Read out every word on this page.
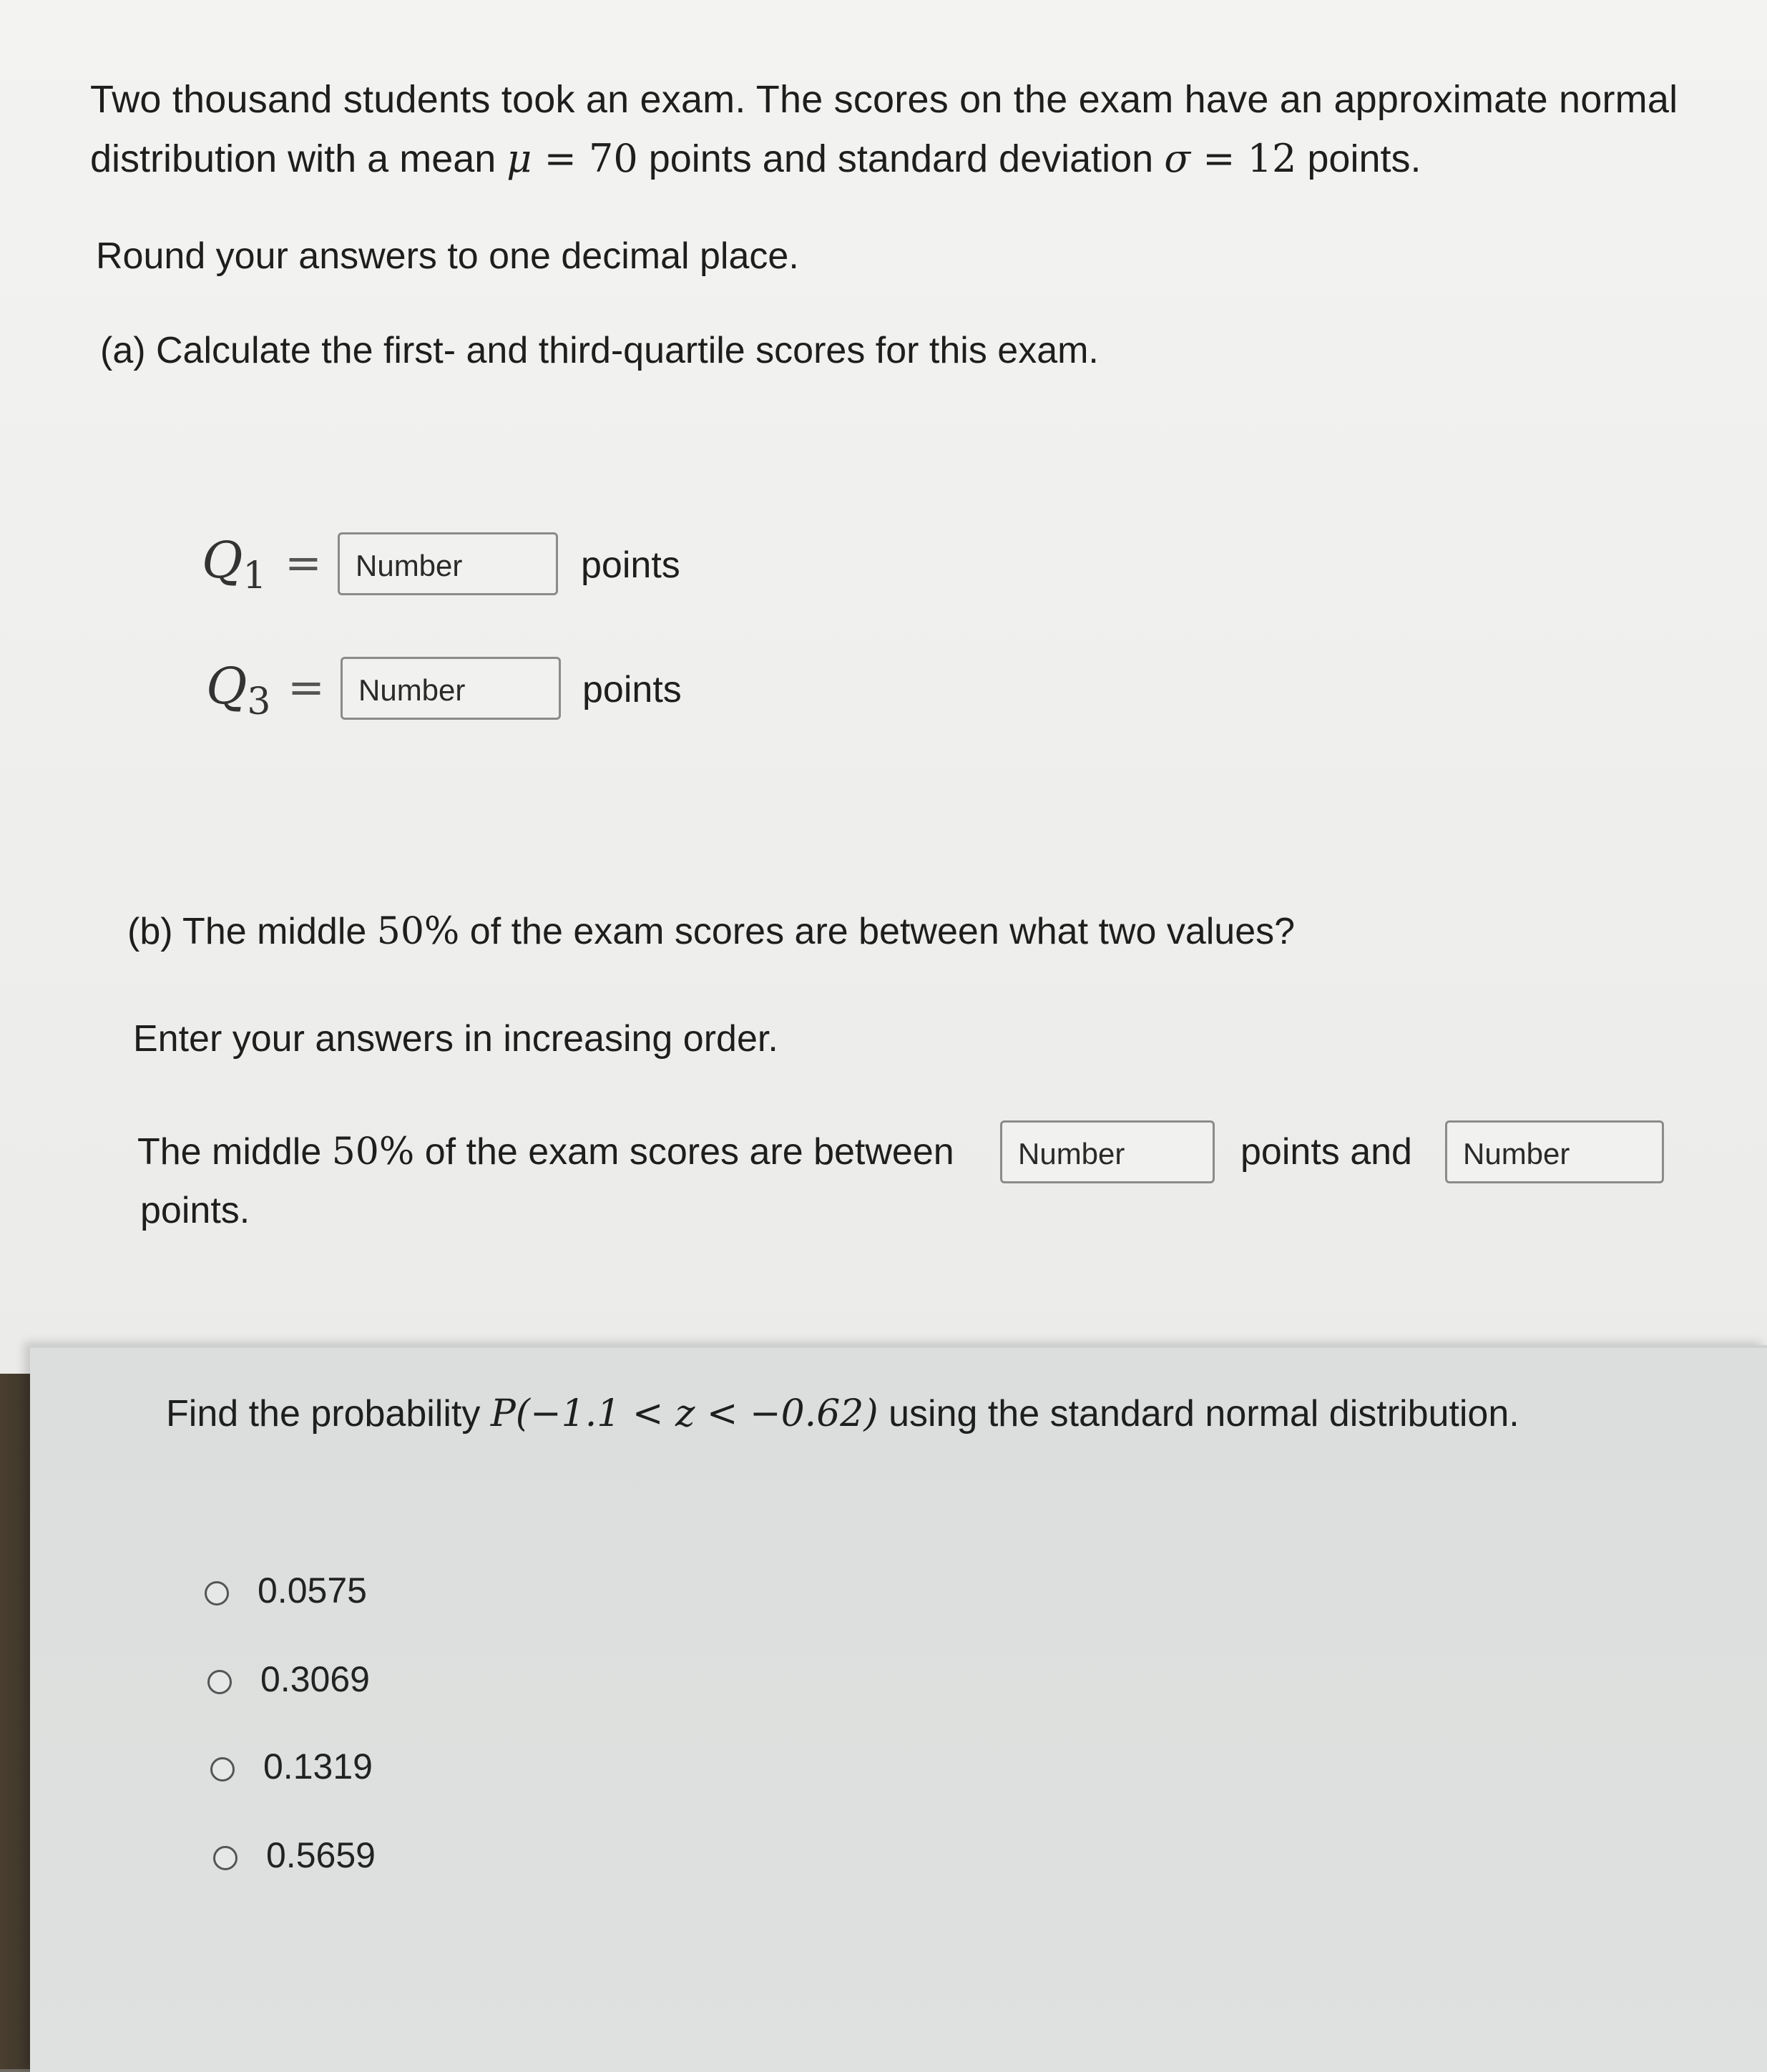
Two thousand students took an exam. The scores on the exam have an approximate normal
distribution with a mean μ = 70 points and standard deviation σ = 12 points.
Round your answers to one decimal place.
(a) Calculate the first- and third-quartile scores for this exam.
$Q_1$ =	Number	points
$Q_3$ =	Number	points
(b) The middle 50% of the exam scores are between what two values?
Enter your answers in increasing order.
The middle 50% of the exam scores are between	Number	points and	Number
points.
Find the probability P(−1.1 < z < −0.62) using the standard normal distribution.
0.0575
0.3069
0.1319
0.5659
